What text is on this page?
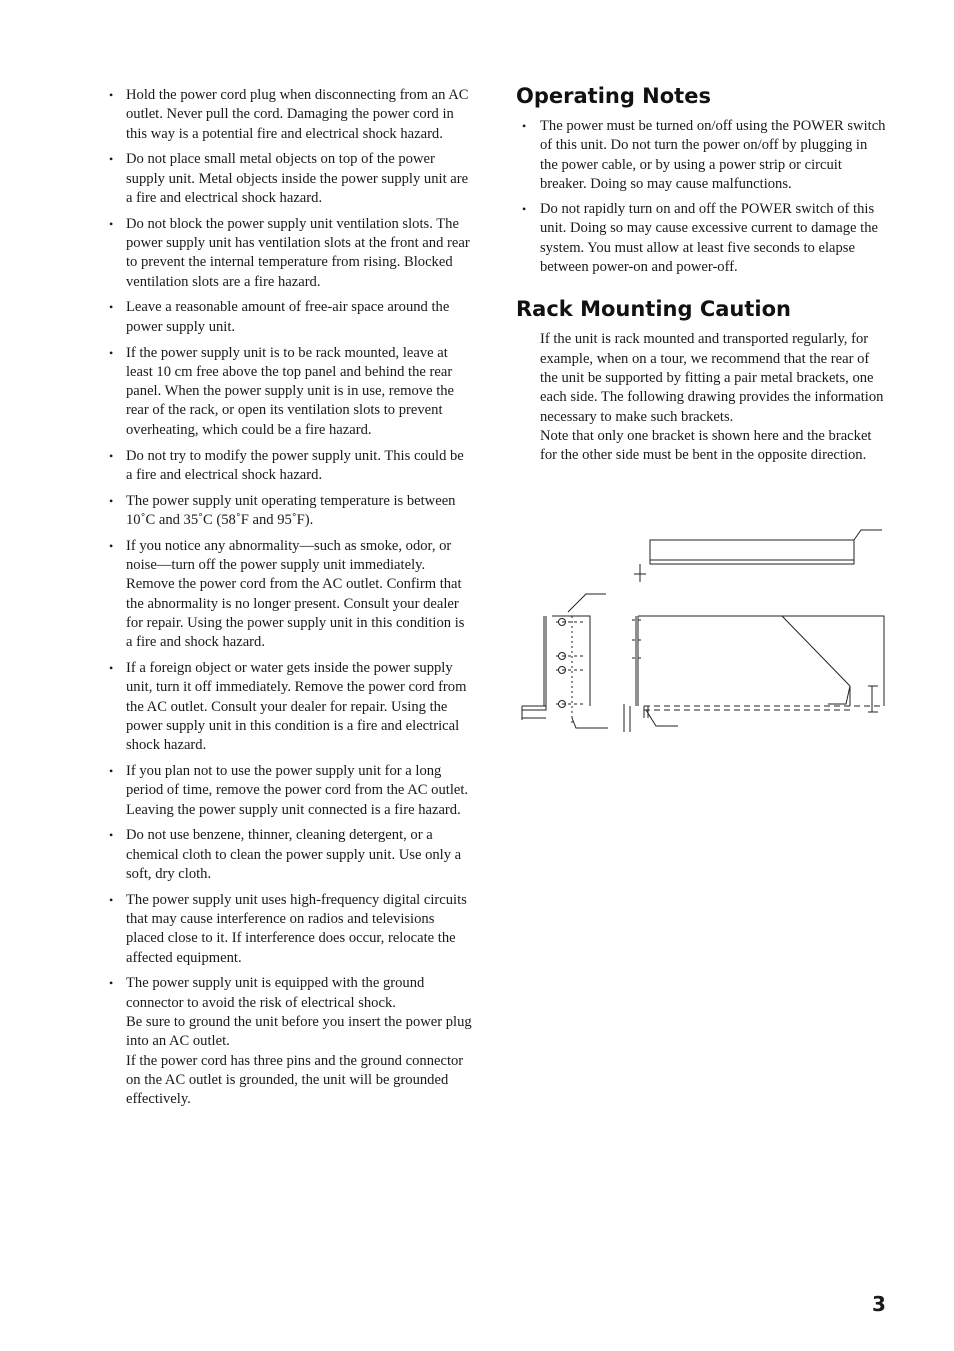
• Hold the power cord plug when disconnecting from an AC outlet. Never pull the cord. Damaging the power cord in this way is a potential fire and electrical shock hazard.
• Do not place small metal objects on top of the power supply unit. Metal objects inside the power supply unit are a fire and electrical shock hazard.
• Do not block the power supply unit ventilation slots. The power supply unit has ventilation slots at the front and rear to prevent the internal temperature from rising. Blocked ventilation slots are a fire hazard.
• Leave a reasonable amount of free-air space around the power supply unit.
• If the power supply unit is to be rack mounted, leave at least 10 cm free above the top panel and behind the rear panel. When the power supply unit is in use, remove the rear of the rack, or open its ventilation slots to prevent overheating, which could be a fire hazard.
• Do not try to modify the power supply unit. This could be a fire and electrical shock hazard.
• The power supply unit operating temperature is between 10˚C and 35˚C (58˚F and 95˚F).
• If you notice any abnormality—such as smoke, odor, or noise—turn off the power supply unit immediately. Remove the power cord from the AC outlet. Confirm that the abnormality is no longer present. Consult your dealer for repair. Using the power supply unit in this condition is a fire and shock hazard.
• If a foreign object or water gets inside the power supply unit, turn it off immediately. Remove the power cord from the AC outlet. Consult your dealer for repair. Using the power supply unit in this condition is a fire and electrical shock hazard.
• If you plan not to use the power supply unit for a long period of time, remove the power cord from the AC outlet. Leaving the power supply unit connected is a fire hazard.
• Do not use benzene, thinner, cleaning detergent, or a chemical cloth to clean the power supply unit. Use only a soft, dry cloth.
• The power supply unit uses high-frequency digital circuits that may cause interference on radios and televisions placed close to it. If interference does occur, relocate the affected equipment.
• The power supply unit is equipped with the ground connector to avoid the risk of electrical shock.
Be sure to ground the unit before you insert the power plug into an AC outlet.
If the power cord has three pins and the ground connector on the AC outlet is grounded, the unit will be grounded effectively.
Operating Notes
• The power must be turned on/off using the POWER switch of this unit. Do not turn the power on/off by plugging in the power cable, or by using a power strip or circuit breaker. Doing so may cause malfunctions.
• Do not rapidly turn on and off the POWER switch of this unit. Doing so may cause excessive current to damage the system. You must allow at least five seconds to elapse between power-on and power-off.
Rack Mounting Caution

If the unit is rack mounted and transported regularly, for example, when on a tour, we recommend that the rear of the unit be supported by fitting a pair metal brackets, one each side. The following drawing provides the information necessary to make such brackets.

Note that only one bracket is shown here and the bracket for the other side must be bent in the opposite direction.

3
